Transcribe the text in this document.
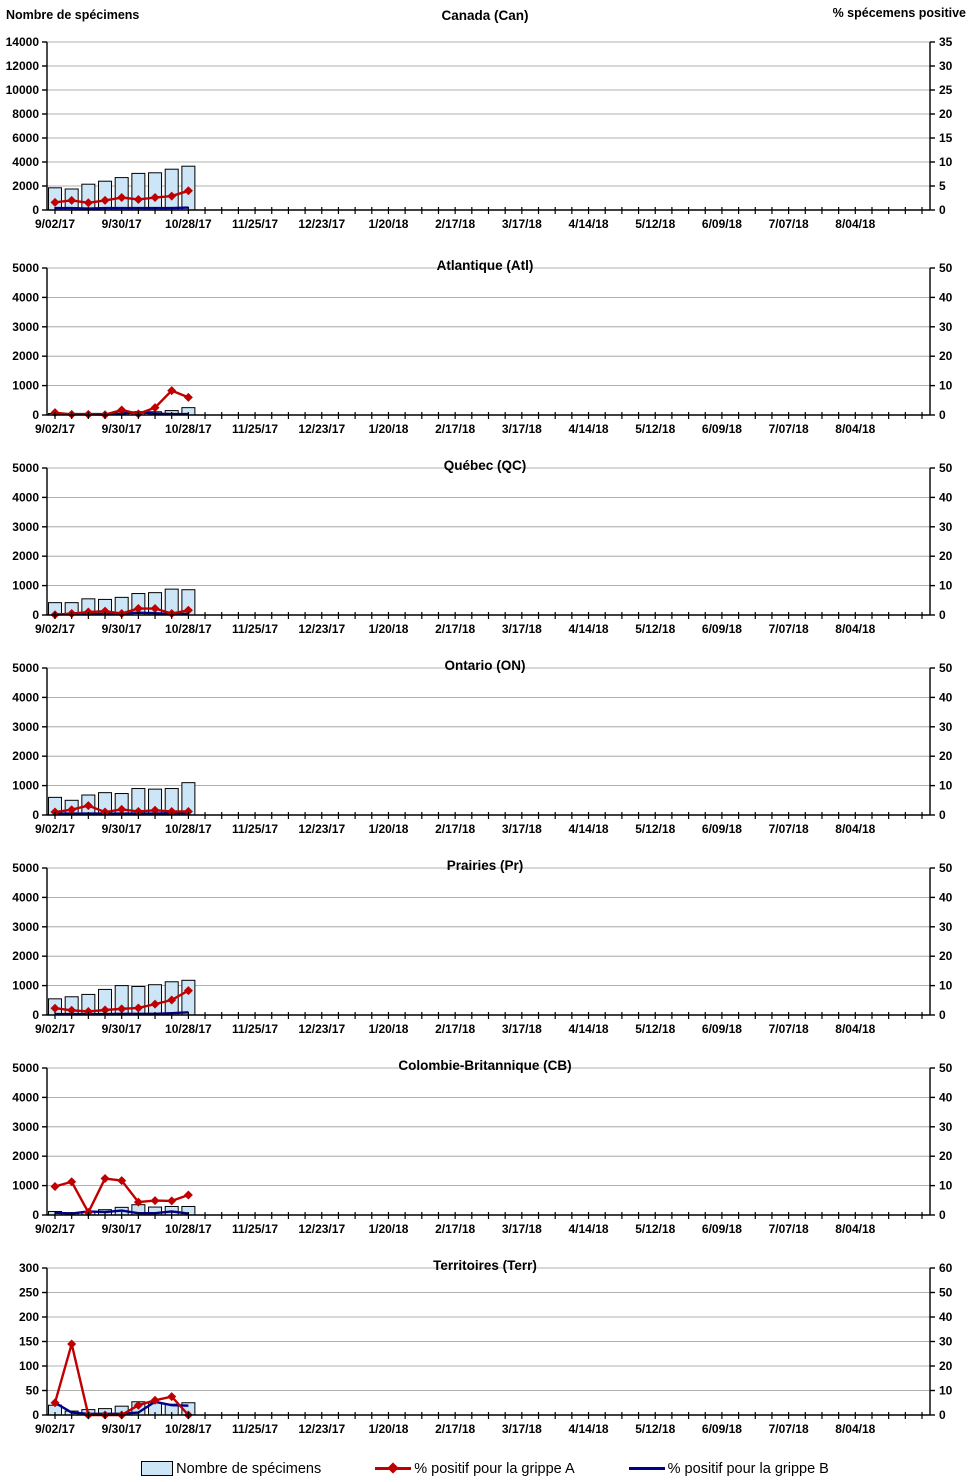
Nombre de spécimens	% spécemens positive
Canada (Can)
0
2000
4000
6000
8000
10000
12000
14000
0
5
10
15
20
25
30
35
9/02/17 9/30/17 10/28/17 11/25/17 12/23/17 1/20/18 2/17/18 3/17/18 4/14/18 5/12/18 6/09/18 7/07/18 8/04/18
Atlantique (Atl)
0
1000
2000
3000
4000
5000
0
10
20
30
40
50
9/02/17 9/30/17 10/28/17 11/25/17 12/23/17 1/20/18 2/17/18 3/17/18 4/14/18 5/12/18 6/09/18 7/07/18 8/04/18
Québec (QC)
0
1000
2000
3000
4000
5000
0
10
20
30
40
50
9/02/17 9/30/17 10/28/17 11/25/17 12/23/17 1/20/18 2/17/18 3/17/18 4/14/18 5/12/18 6/09/18 7/07/18 8/04/18
Ontario (ON)
0
1000
2000
3000
4000
5000
0
10
20
30
40
50
9/02/17 9/30/17 10/28/17 11/25/17 12/23/17 1/20/18 2/17/18 3/17/18 4/14/18 5/12/18 6/09/18 7/07/18 8/04/18
Prairies (Pr)
0
1000
2000
3000
4000
5000
0
10
20
30
40
50
9/02/17 9/30/17 10/28/17 11/25/17 12/23/17 1/20/18 2/17/18 3/17/18 4/14/18 5/12/18 6/09/18 7/07/18 8/04/18
Colombie-Britannique (CB)
0
1000
2000
3000
4000
5000
0
10
20
30
40
50
9/02/17 9/30/17 10/28/17 11/25/17 12/23/17 1/20/18 2/17/18 3/17/18 4/14/18 5/12/18 6/09/18 7/07/18 8/04/18
Territoires (Terr)
0
50
100
150
200
250
300
0
10
20
30
40
50
60
9/02/17 9/30/17 10/28/17 11/25/17 12/23/17 1/20/18 2/17/18 3/17/18 4/14/18 5/12/18 6/09/18 7/07/18 8/04/18
Nombre de spécimens	% positif pour la grippe A	% positif pour la grippe B
